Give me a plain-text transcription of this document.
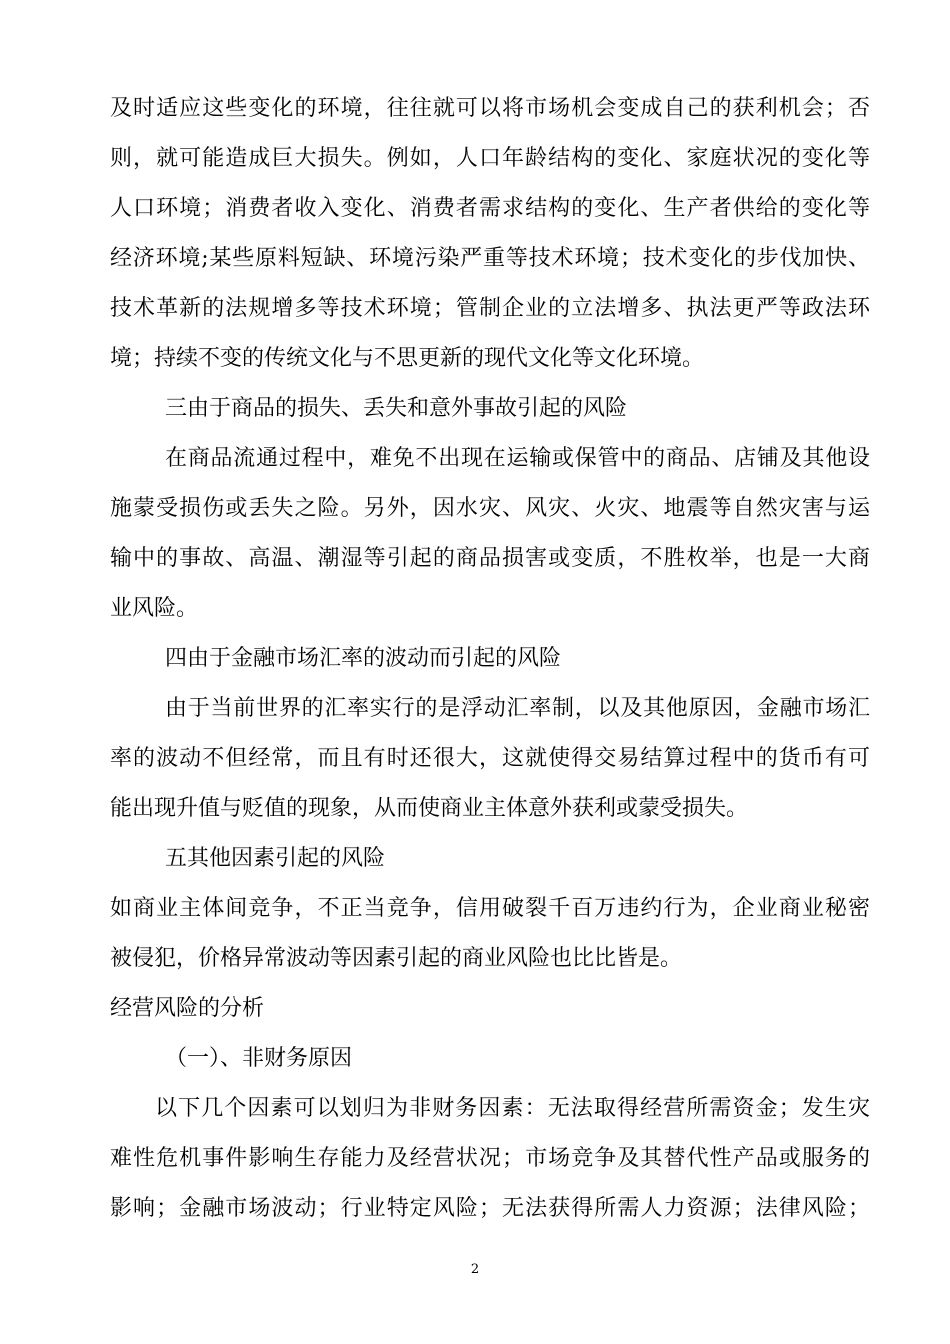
及时适应这些变化的环境，往往就可以将市场机会变成自己的获利机会；否
则，就可能造成巨大损失。例如，人口年龄结构的变化、家庭状况的变化等
人口环境；消费者收入变化、消费者需求结构的变化、生产者供给的变化等
经济环境;某些原料短缺、环境污染严重等技术环境；技术变化的步伐加快、
技术革新的法规增多等技术环境；管制企业的立法增多、执法更严等政法环
境；持续不变的传统文化与不思更新的现代文化等文化环境。
三由于商品的损失、丢失和意外事故引起的风险
在商品流通过程中，难免不出现在运输或保管中的商品、店铺及其他设
施蒙受损伤或丢失之险。另外，因水灾、风灾、火灾、地震等自然灾害与运
输中的事故、高温、潮湿等引起的商品损害或变质，不胜枚举，也是一大商
业风险。
四由于金融市场汇率的波动而引起的风险
由于当前世界的汇率实行的是浮动汇率制，以及其他原因，金融市场汇
率的波动不但经常，而且有时还很大，这就使得交易结算过程中的货币有可
能出现升值与贬值的现象，从而使商业主体意外获利或蒙受损失。
五其他因素引起的风险
如商业主体间竞争，不正当竞争，信用破裂千百万违约行为，企业商业秘密
被侵犯，价格异常波动等因素引起的商业风险也比比皆是。
经营风险的分析
（一）、非财务原因
以下几个因素可以划归为非财务因素：无法取得经营所需资金；发生灾
难性危机事件影响生存能力及经营状况；市场竞争及其替代性产品或服务的
影响；金融市场波动；行业特定风险；无法获得所需人力资源；法律风险；
2
